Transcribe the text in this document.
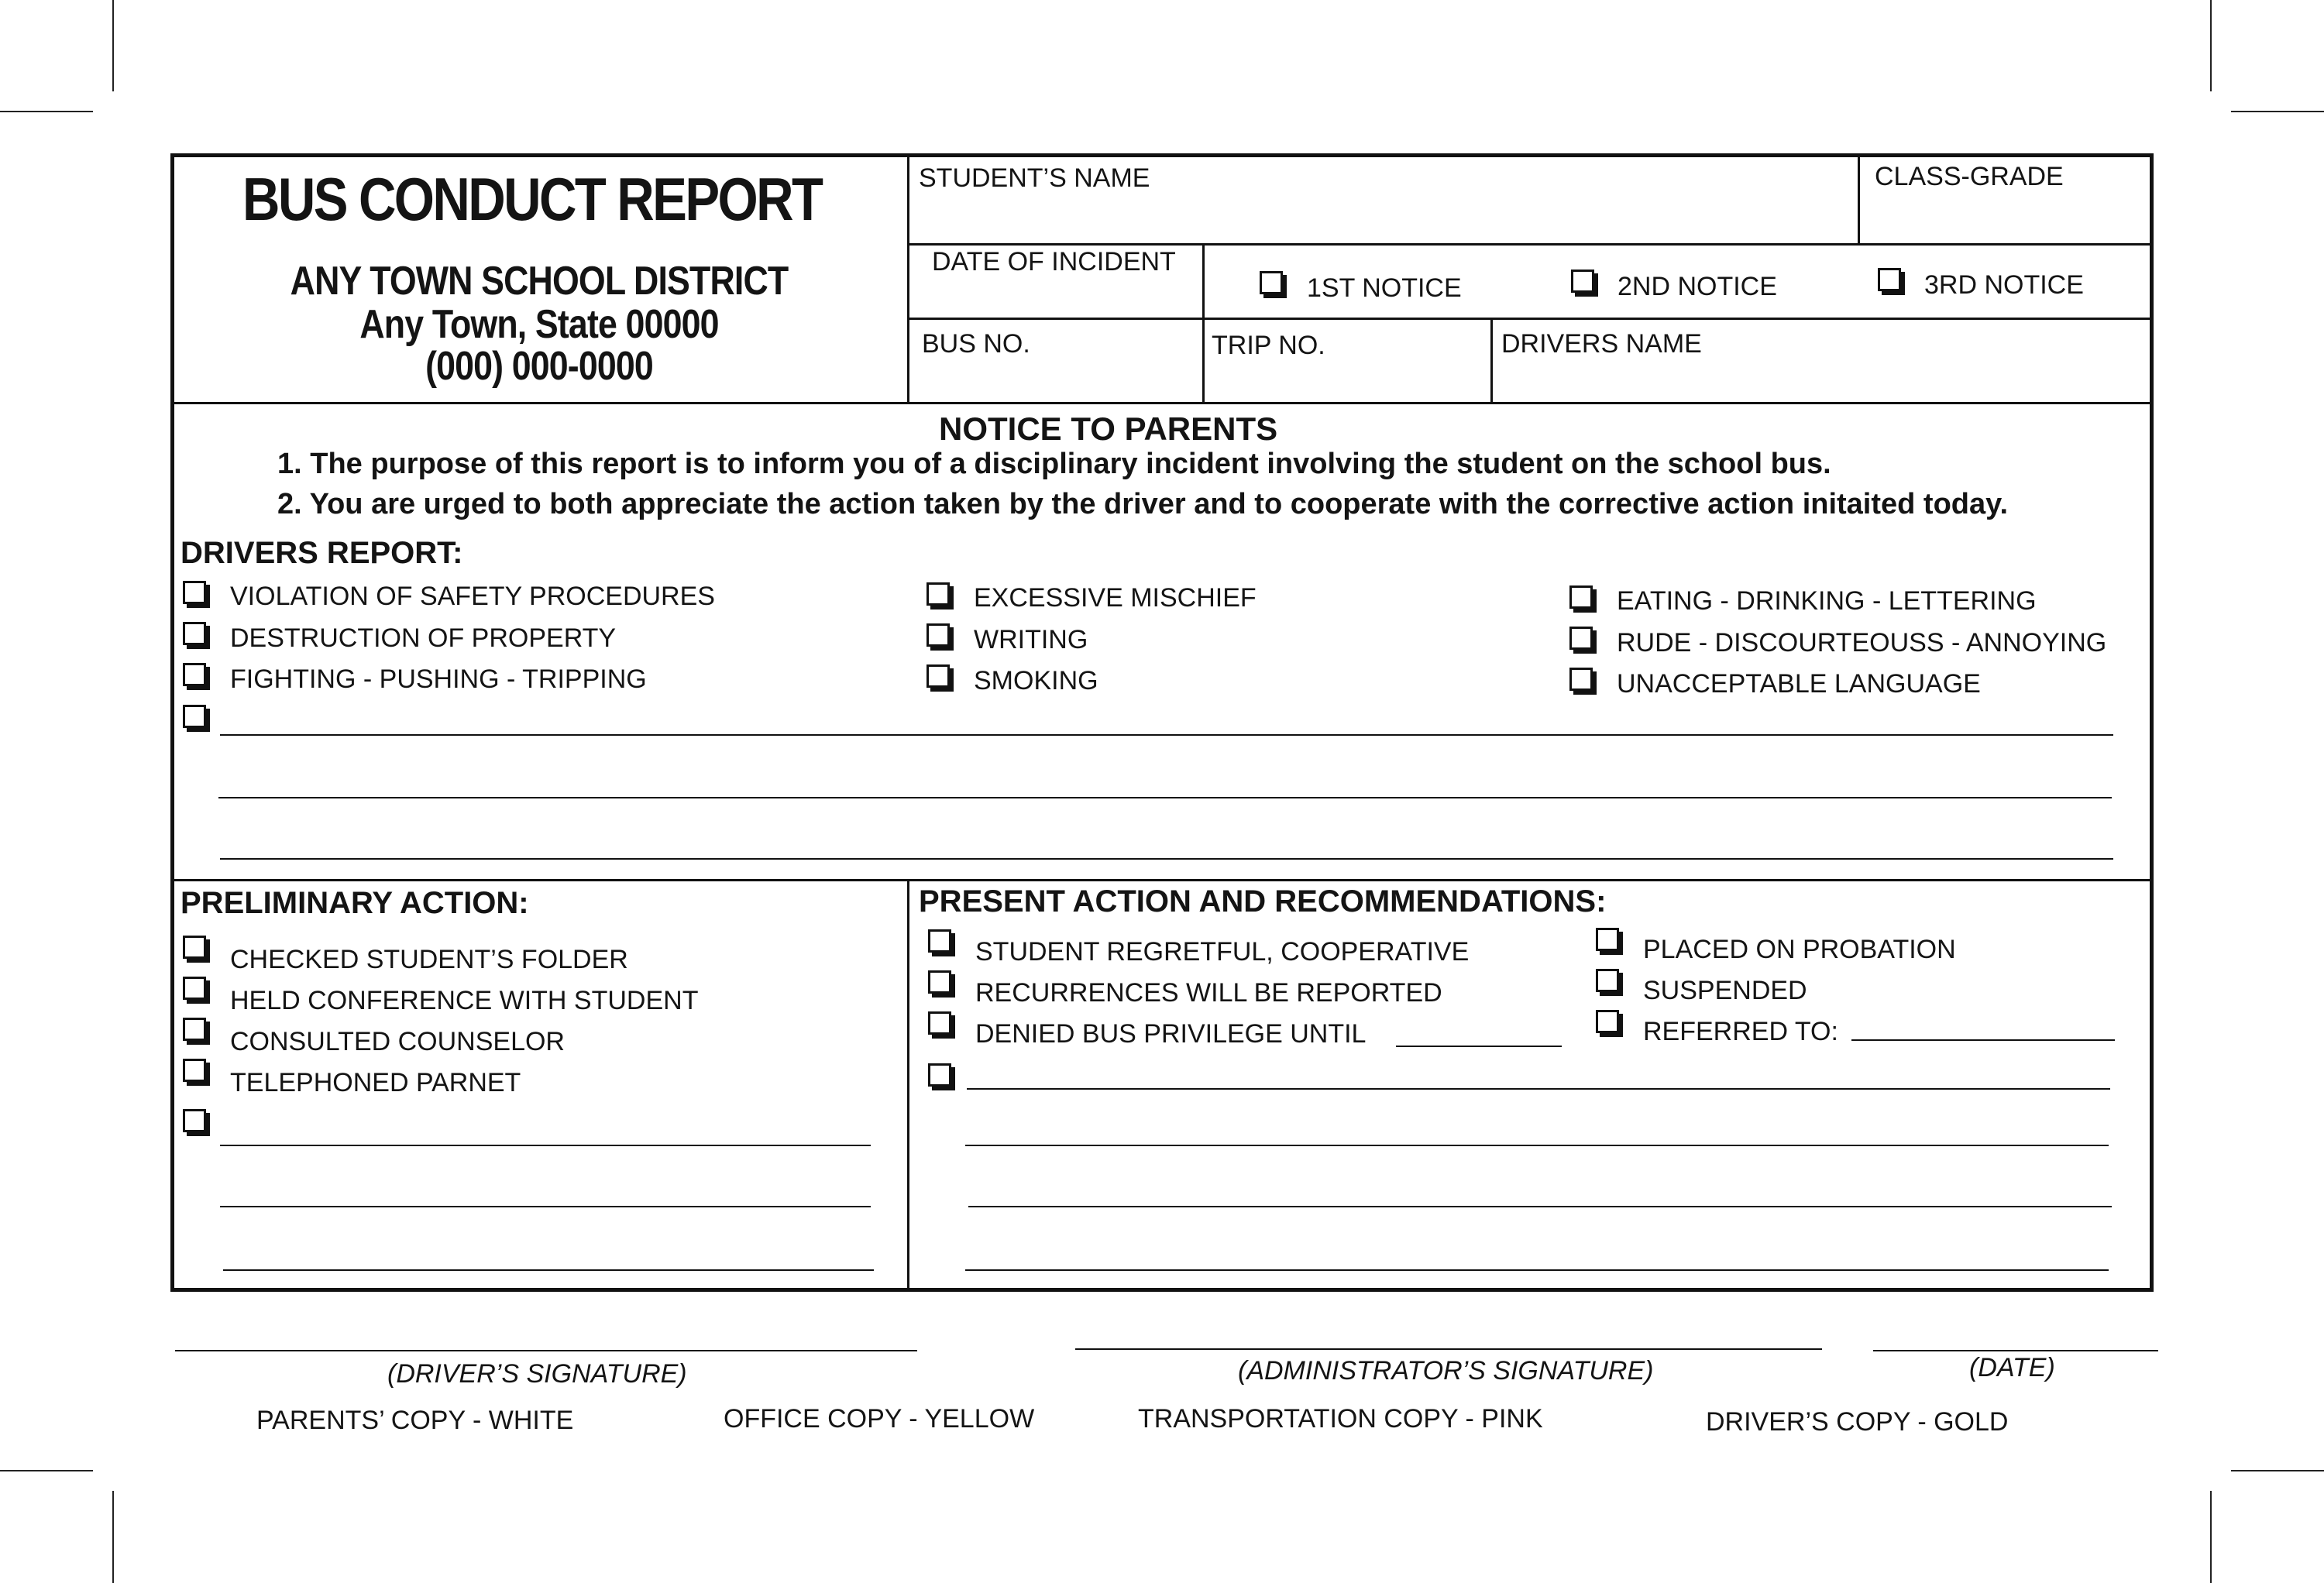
BUS CONDUCT REPORT
ANY TOWN SCHOOL DISTRICT
Any Town, State 00000
(000) 000-0000
STUDENT’S NAME	CLASS-GRADE
DATE OF INCIDENT
1ST NOTICE	2ND NOTICE	3RD NOTICE
BUS NO.	TRIP NO.	DRIVERS NAME
NOTICE TO PARENTS
1. The purpose of this report is to inform you of a disciplinary incident involving the student on the school bus.
2. You are urged to both appreciate the action taken by the driver and to cooperate with the corrective action initaited today.
DRIVERS REPORT:
VIOLATION OF SAFETY PROCEDURES
DESTRUCTION OF PROPERTY
FIGHTING - PUSHING - TRIPPING
EXCESSIVE MISCHIEF
WRITING
SMOKING
EATING - DRINKING - LETTERING
RUDE - DISCOURTEOUSS - ANNOYING
UNACCEPTABLE LANGUAGE
PRELIMINARY ACTION:
CHECKED STUDENT’S FOLDER
HELD CONFERENCE WITH STUDENT
CONSULTED COUNSELOR
TELEPHONED PARNET
PRESENT ACTION AND RECOMMENDATIONS:
STUDENT REGRETFUL, COOPERATIVE
RECURRENCES WILL BE REPORTED
DENIED BUS PRIVILEGE UNTIL
PLACED ON PROBATION
SUSPENDED
REFERRED TO:
(DRIVER’S SIGNATURE)	(ADMINISTRATOR’S SIGNATURE)	(DATE)
PARENTS’ COPY - WHITE	OFFICE COPY - YELLOW	TRANSPORTATION COPY - PINK	DRIVER’S COPY - GOLD
